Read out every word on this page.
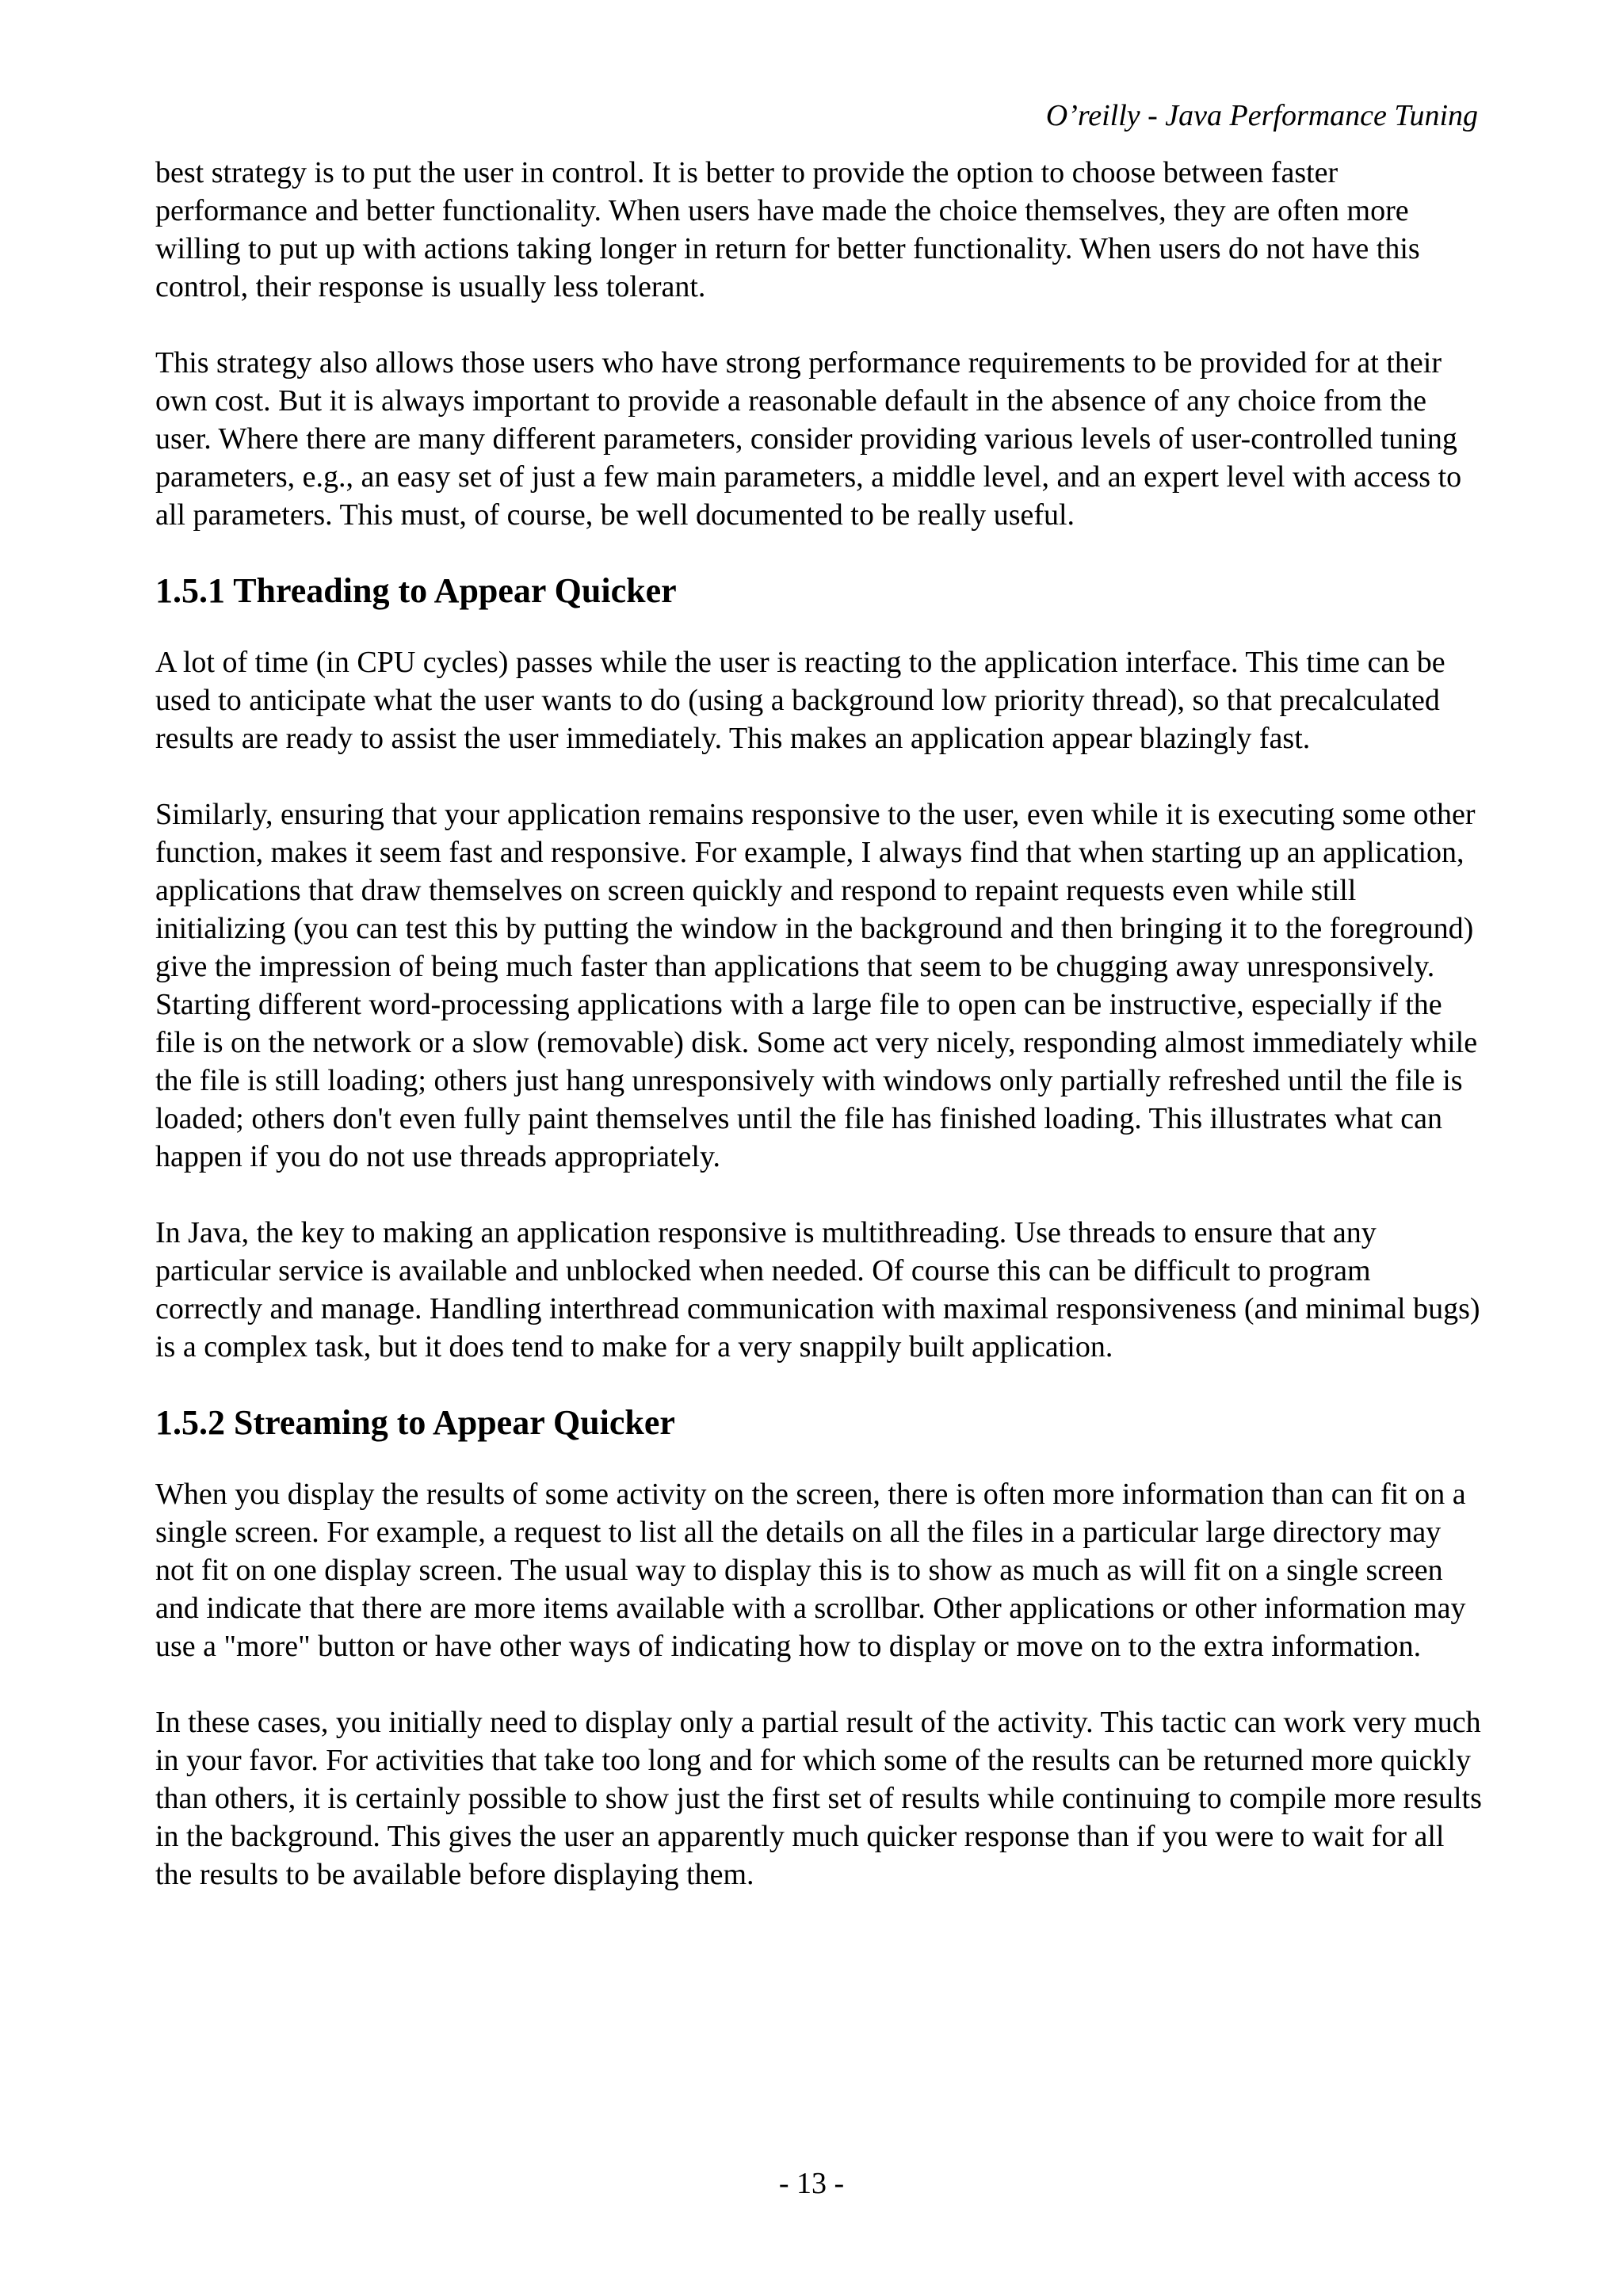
O’reilly - Java Performance Tuning

best strategy is to put the user in control. It is better to provide the option to choose between faster performance and better functionality. When users have made the choice themselves, they are often more willing to put up with actions taking longer in return for better functionality. When users do not have this control, their response is usually less tolerant.

This strategy also allows those users who have strong performance requirements to be provided for at their own cost. But it is always important to provide a reasonable default in the absence of any choice from the user. Where there are many different parameters, consider providing various levels of user-controlled tuning parameters, e.g., an easy set of just a few main parameters, a middle level, and an expert level with access to all parameters. This must, of course, be well documented to be really useful.

1.5.1 Threading to Appear Quicker

A lot of time (in CPU cycles) passes while the user is reacting to the application interface. This time can be used to anticipate what the user wants to do (using a background low priority thread), so that precalculated results are ready to assist the user immediately. This makes an application appear blazingly fast.

Similarly, ensuring that your application remains responsive to the user, even while it is executing some other function, makes it seem fast and responsive. For example, I always find that when starting up an application, applications that draw themselves on screen quickly and respond to repaint requests even while still initializing (you can test this by putting the window in the background and then bringing it to the foreground) give the impression of being much faster than applications that seem to be chugging away unresponsively. Starting different word-processing applications with a large file to open can be instructive, especially if the file is on the network or a slow (removable) disk. Some act very nicely, responding almost immediately while the file is still loading; others just hang unresponsively with windows only partially refreshed until the file is loaded; others don't even fully paint themselves until the file has finished loading. This illustrates what can happen if you do not use threads appropriately.

In Java, the key to making an application responsive is multithreading. Use threads to ensure that any particular service is available and unblocked when needed. Of course this can be difficult to program correctly and manage. Handling interthread communication with maximal responsiveness (and minimal bugs) is a complex task, but it does tend to make for a very snappily built application.

1.5.2 Streaming to Appear Quicker

When you display the results of some activity on the screen, there is often more information than can fit on a single screen. For example, a request to list all the details on all the files in a particular large directory may not fit on one display screen. The usual way to display this is to show as much as will fit on a single screen and indicate that there are more items available with a scrollbar. Other applications or other information may use a "more" button or have other ways of indicating how to display or move on to the extra information.

In these cases, you initially need to display only a partial result of the activity. This tactic can work very much in your favor. For activities that take too long and for which some of the results can be returned more quickly than others, it is certainly possible to show just the first set of results while continuing to compile more results in the background. This gives the user an apparently much quicker response than if you were to wait for all the results to be available before displaying them.

- 13 -
